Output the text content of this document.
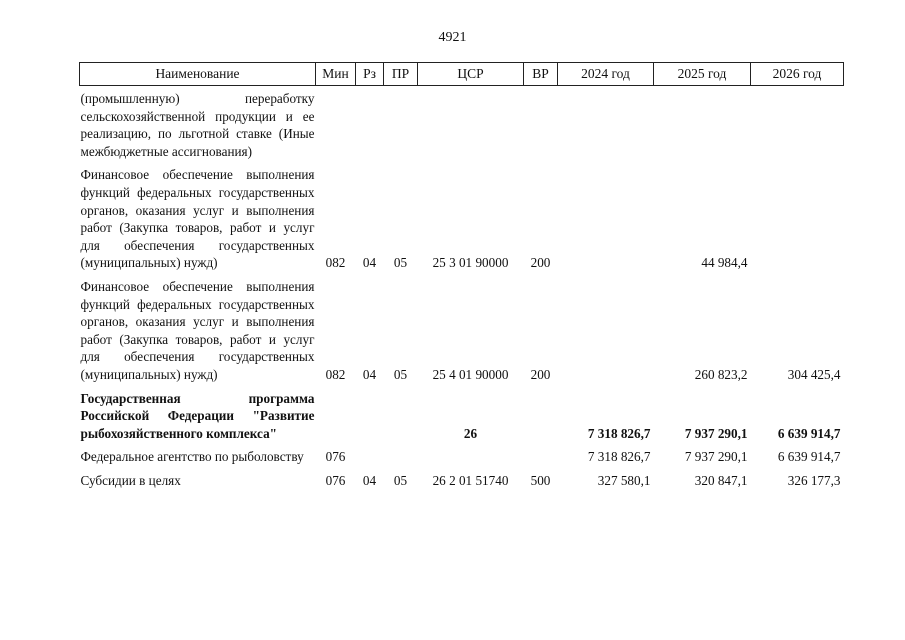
4921
Наименование	Мин	Рз	ПР	ЦСР	ВР	2024 год	2025 год	2026 год
(промышленную) переработку сельскохозяйственной продукции и ее реализацию, по льготной ставке (Иные межбюджетные ассигнования)								
Финансовое обеспечение выполнения функций федеральных государственных органов, оказания услуг и выполнения работ (Закупка товаров, работ и услуг для обеспечения государственных (муниципальных) нужд)	082	04	05	25 3 01 90000	200		44 984,4	
Финансовое обеспечение выполнения функций федеральных государственных органов, оказания услуг и выполнения работ (Закупка товаров, работ и услуг для обеспечения государственных (муниципальных) нужд)	082	04	05	25 4 01 90000	200		260 823,2	304 425,4
Государственная программа Российской Федерации "Развитие рыбохозяйственного комплекса"				26		7 318 826,7	7 937 290,1	6 639 914,7
Федеральное агентство по рыболовству	076					7 318 826,7	7 937 290,1	6 639 914,7
Субсидии в целях	076	04	05	26 2 01 51740	500	327 580,1	320 847,1	326 177,3
